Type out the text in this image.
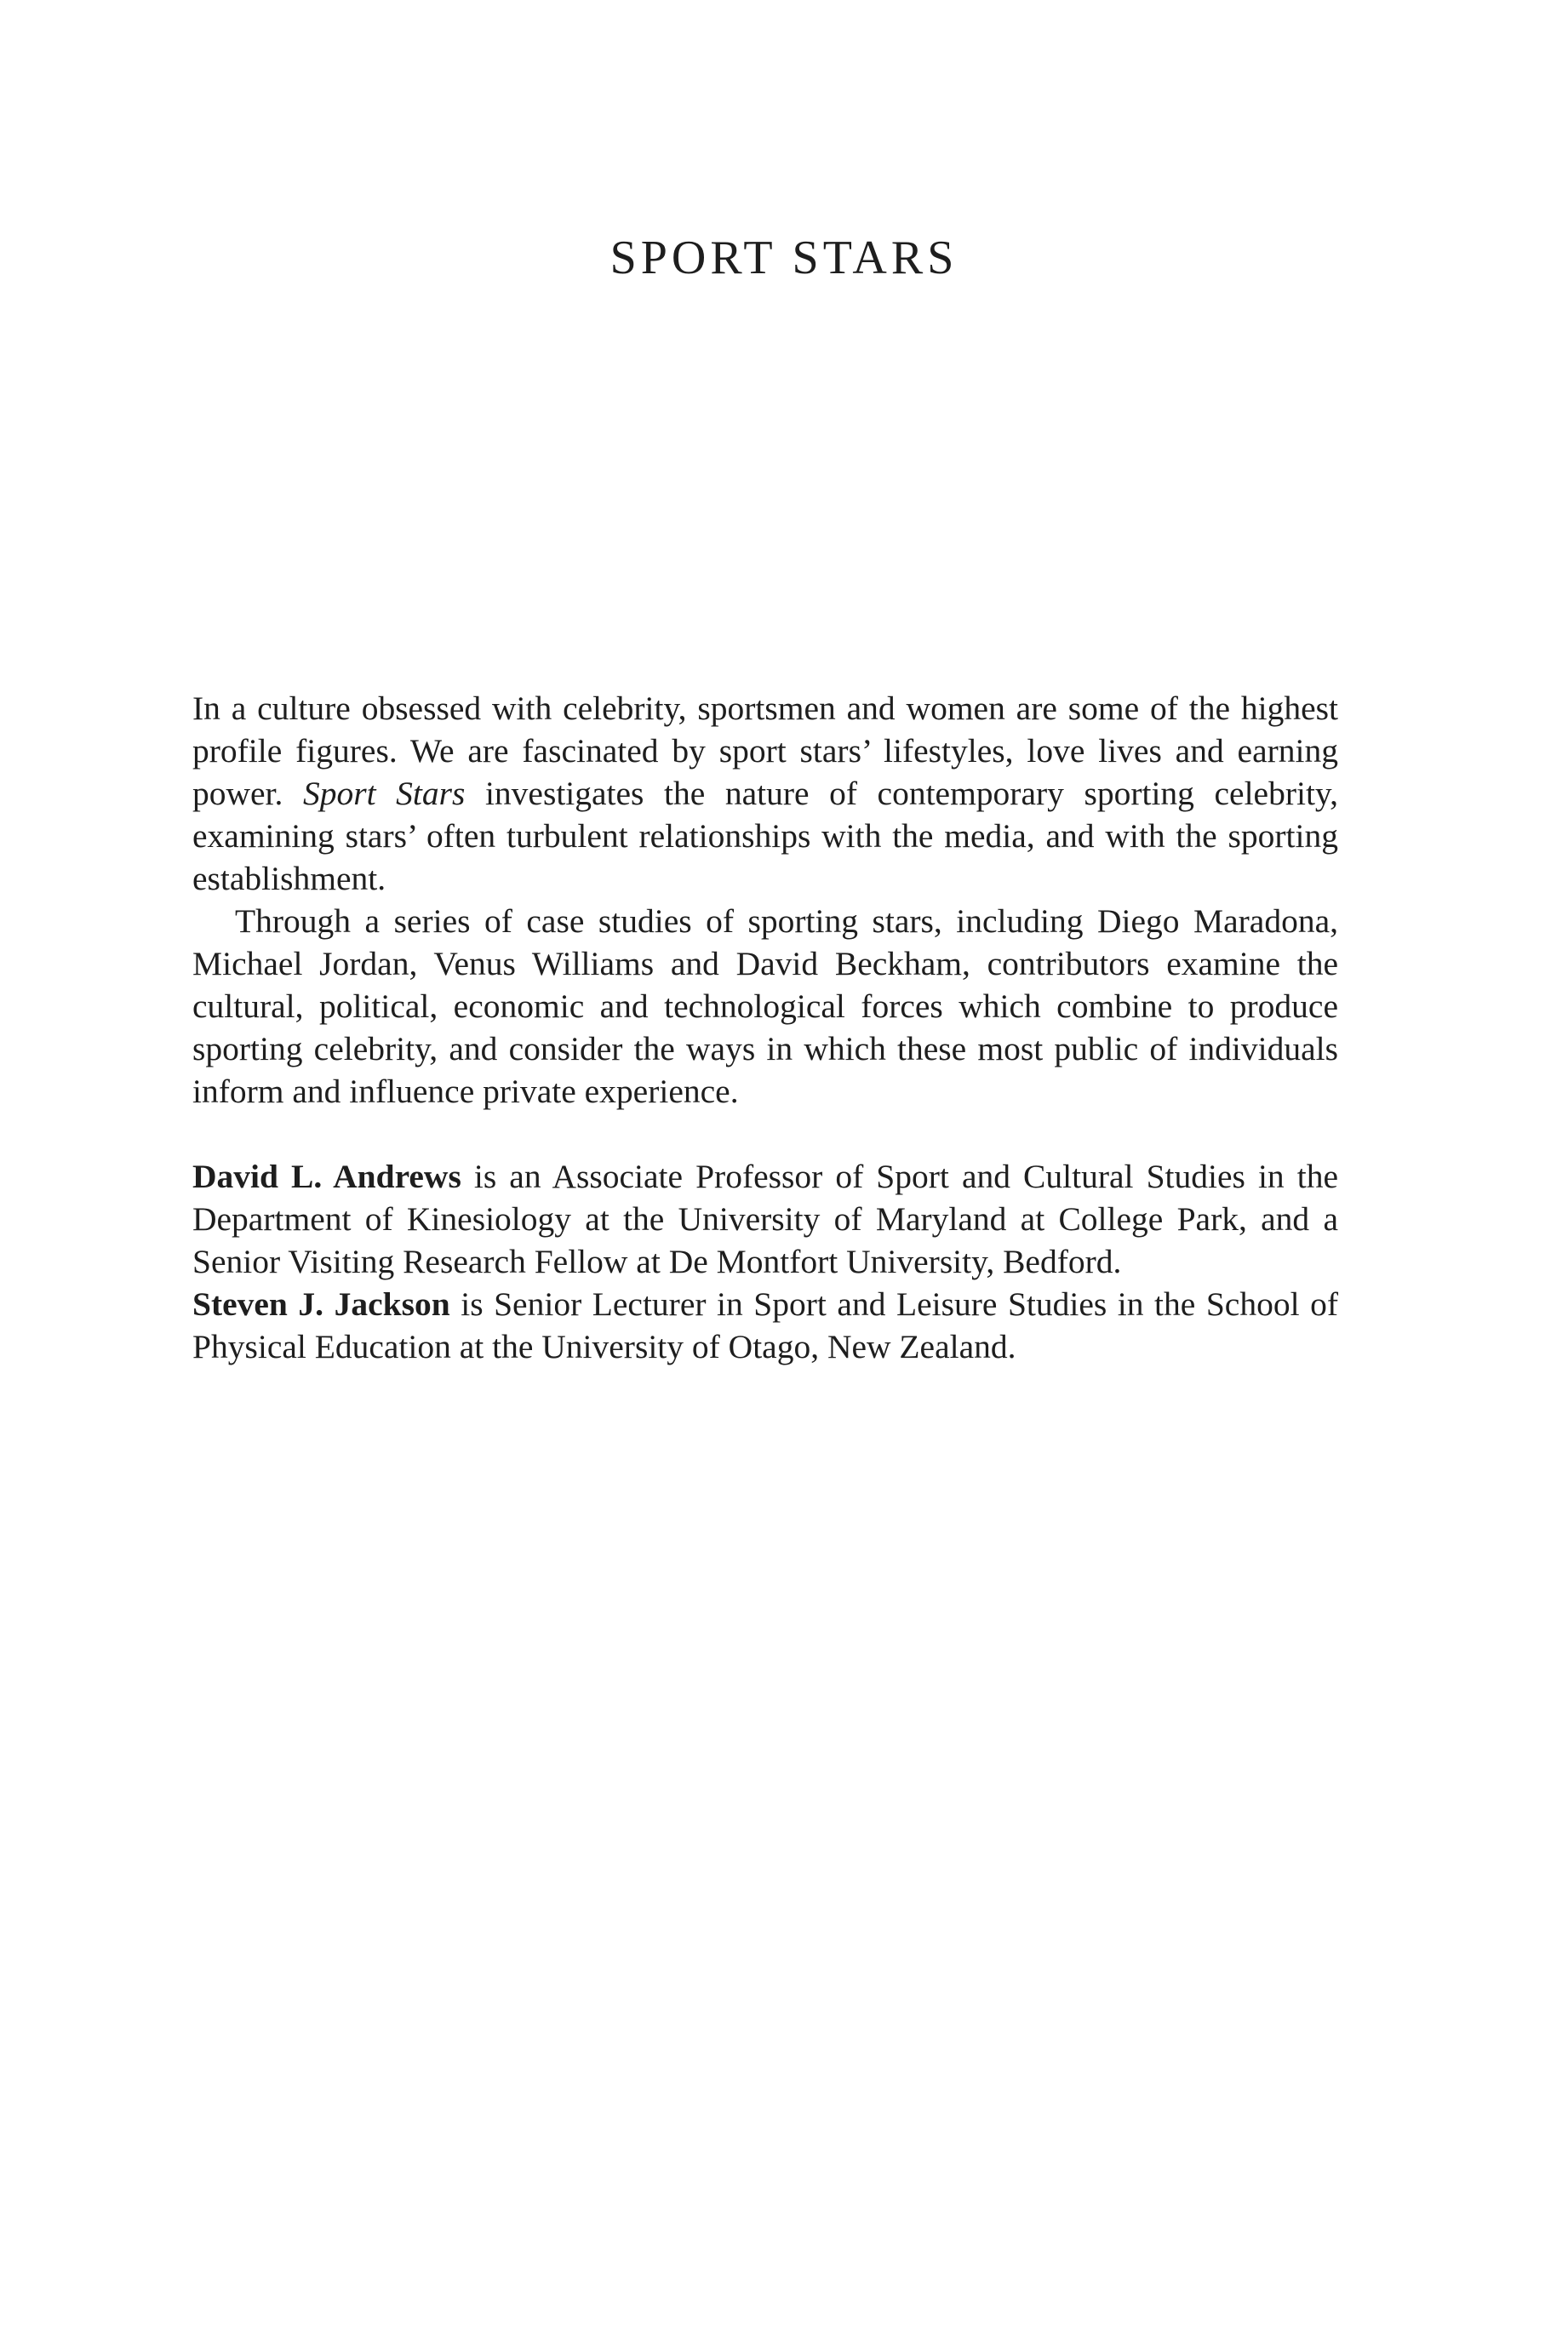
SPORT STARS

In a culture obsessed with celebrity, sportsmen and women are some of the highest profile figures. We are fascinated by sport stars’ lifestyles, love lives and earning power. Sport Stars investigates the nature of contemporary sporting celebrity, examining stars’ often turbulent relationships with the media, and with the sporting establishment.

Through a series of case studies of sporting stars, including Diego Maradona, Michael Jordan, Venus Williams and David Beckham, contributors examine the cultural, political, economic and technological forces which combine to produce sporting celebrity, and consider the ways in which these most public of individuals inform and influence private experience.

David L. Andrews is an Associate Professor of Sport and Cultural Studies in the Department of Kinesiology at the University of Maryland at College Park, and a Senior Visiting Research Fellow at De Montfort University, Bedford.

Steven J. Jackson is Senior Lecturer in Sport and Leisure Studies in the School of Physical Education at the University of Otago, New Zealand.
